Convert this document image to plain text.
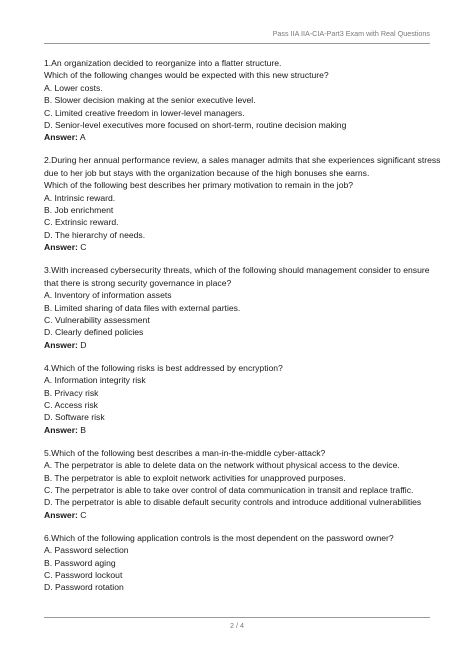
Pass IIA IIA-CIA-Part3 Exam with Real Questions
1.An organization decided to reorganize into a flatter structure.
Which of the following changes would be expected with this new structure?
A. Lower costs.
B. Slower decision making at the senior executive level.
C. Limited creative freedom in lower-level managers.
D. Senior-level executives more focused on short-term, routine decision making
Answer: A
2.During her annual performance review, a sales manager admits that she experiences significant stress
due to her job but stays with the organization because of the high bonuses she earns.
Which of the following best describes her primary motivation to remain in the job?
A. Intrinsic reward.
B. Job enrichment
C. Extrinsic reward.
D. The hierarchy of needs.
Answer: C
3.With increased cybersecurity threats, which of the following should management consider to ensure
that there is strong security governance in place?
A. Inventory of information assets
B. Limited sharing of data files with external parties.
C. Vulnerability assessment
D. Clearly defined policies
Answer: D
4.Which of the following risks is best addressed by encryption?
A. Information integrity risk
B. Privacy risk
C. Access risk
D. Software risk
Answer: B
5.Which of the following best describes a man-in-the-middle cyber-attack?
A. The perpetrator is able to delete data on the network without physical access to the device.
B. The perpetrator is able to exploit network activities for unapproved purposes.
C. The perpetrator is able to take over control of data communication in transit and replace traffic.
D. The perpetrator is able to disable default security controls and introduce additional vulnerabilities
Answer: C
6.Which of the following application controls is the most dependent on the password owner?
A. Password selection
B. Password aging
C. Password lockout
D. Password rotation
2 / 4
